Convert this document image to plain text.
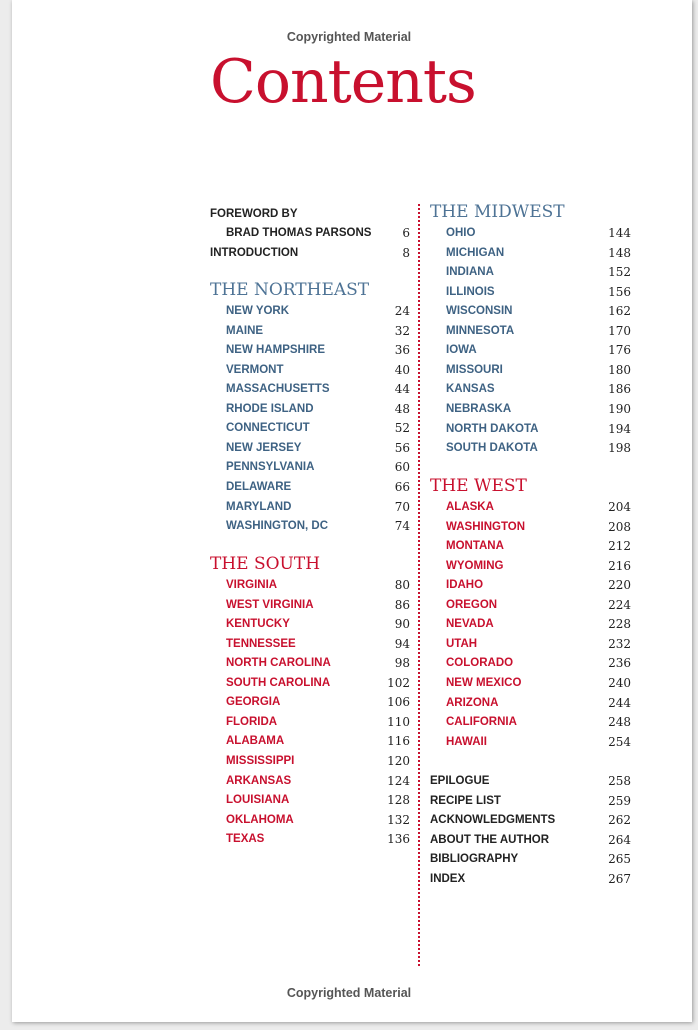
Copyrighted Material
Contents
FOREWORD BY
BRAD THOMAS PARSONS	6
INTRODUCTION	8
THE NORTHEAST
NEW YORK	24
MAINE	32
NEW HAMPSHIRE	36
VERMONT	40
MASSACHUSETTS	44
RHODE ISLAND	48
CONNECTICUT	52
NEW JERSEY	56
PENNSYLVANIA	60
DELAWARE	66
MARYLAND	70
WASHINGTON, DC	74
THE SOUTH
VIRGINIA	80
WEST VIRGINIA	86
KENTUCKY	90
TENNESSEE	94
NORTH CAROLINA	98
SOUTH CAROLINA	102
GEORGIA	106
FLORIDA	110
ALABAMA	116
MISSISSIPPI	120
ARKANSAS	124
LOUISIANA	128
OKLAHOMA	132
TEXAS	136
THE MIDWEST
OHIO	144
MICHIGAN	148
INDIANA	152
ILLINOIS	156
WISCONSIN	162
MINNESOTA	170
IOWA	176
MISSOURI	180
KANSAS	186
NEBRASKA	190
NORTH DAKOTA	194
SOUTH DAKOTA	198
THE WEST
ALASKA	204
WASHINGTON	208
MONTANA	212
WYOMING	216
IDAHO	220
OREGON	224
NEVADA	228
UTAH	232
COLORADO	236
NEW MEXICO	240
ARIZONA	244
CALIFORNIA	248
HAWAII	254
EPILOGUE	258
RECIPE LIST	259
ACKNOWLEDGMENTS	262
ABOUT THE AUTHOR	264
BIBLIOGRAPHY	265
INDEX	267
Copyrighted Material
